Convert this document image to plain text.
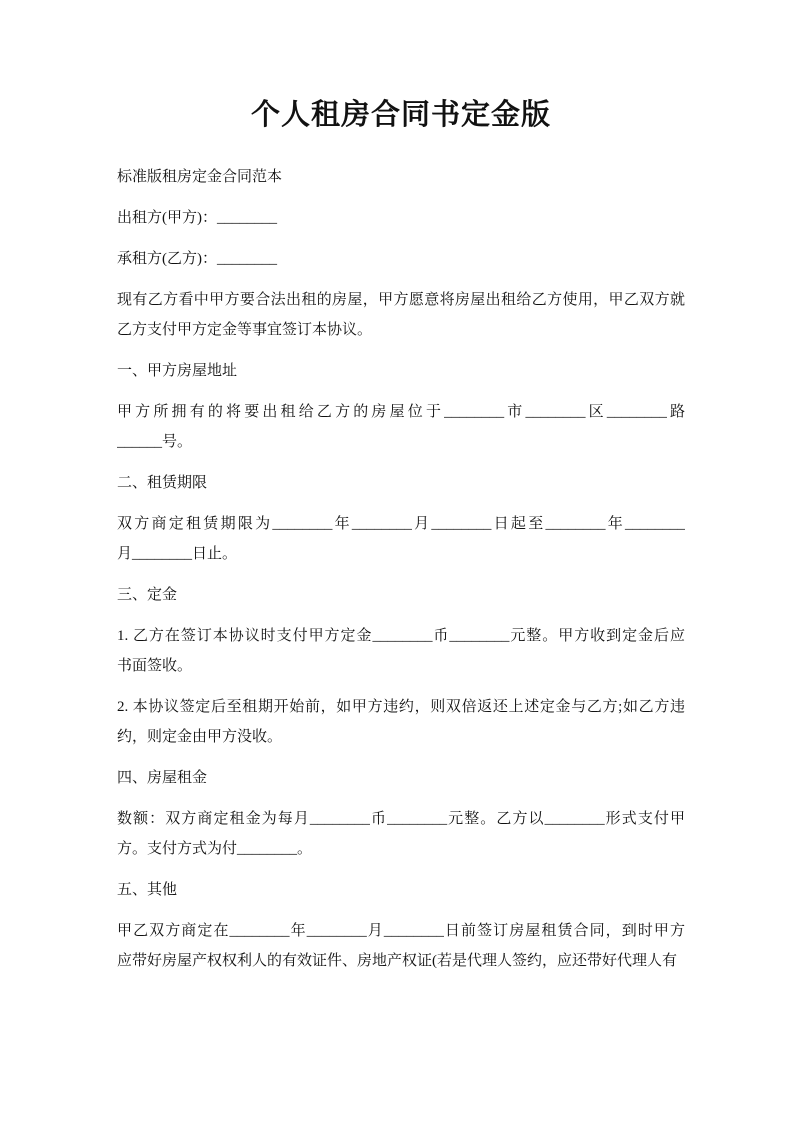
个人租房合同书定金版
标准版租房定金合同范本
出租方(甲方)：________
承租方(乙方)：________
现有乙方看中甲方要合法出租的房屋，甲方愿意将房屋出租给乙方使用，甲乙双方就
乙方支付甲方定金等事宜签订本协议。
一、甲方房屋地址
甲方所拥有的将要出租给乙方的房屋位于________市________区________路
______号。
二、租赁期限
双方商定租赁期限为________年________月________日起至________年________
月________日止。
三、定金
1. 乙方在签订本协议时支付甲方定金________币________元整。甲方收到定金后应
书面签收。
2. 本协议签定后至租期开始前，如甲方违约，则双倍返还上述定金与乙方;如乙方违
约，则定金由甲方没收。
四、房屋租金
数额：双方商定租金为每月________币________元整。乙方以________形式支付甲
方。支付方式为付________。
五、其他
甲乙双方商定在________年________月________日前签订房屋租赁合同，到时甲方
应带好房屋产权权利人的有效证件、房地产权证(若是代理人签约，应还带好代理人有
